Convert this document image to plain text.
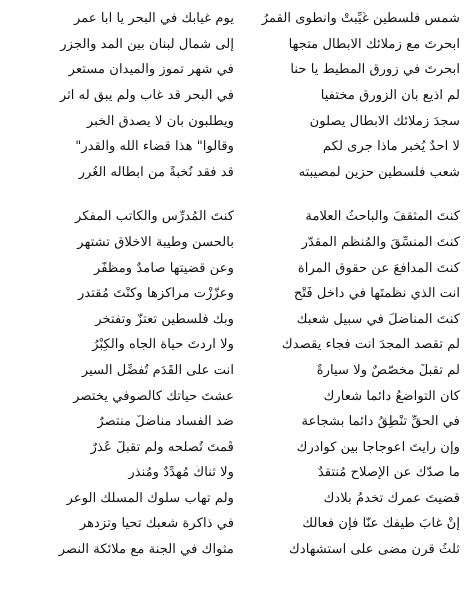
شمس فلسطين غُيِّبتْ وانطوى القمرُ
يوم غيابك في البحر يا أبا عمر
أبحرتَ مع زملائك الابطال متجهاً
إلى شمال لبنان بين المد والجزر
أبحرتَ في زورق المطيط يا حنا
في شهر تموز والميدان مستعر
لَم أذيع بأن الزورق مختفياً
في البحر قد غاب ولم يبق له أثر
سجدَ زملائك الابطال يصلون
ويطلبون بأن لا يصدق الخبر
لا أحدٌ يُخبر ماذا جرى لكُم
وقالوا" هذا قضاء الله والقدر"
شعب فلسطين حزين لمصيبته
قد فقد نُخبةً من أبطاله الغُرر
كنتَ المثقفَ والباحثُ العلامة
كنتَ المُدرِّس والكاتب المفكر
كنتَ المنسِّقَ والمُنظم المقدَّر
بالحسن وطيبة الاخلاق تشتهر
كنتَ المدافعَ عن حقوق المرأة
وعن قضيتها صامدٌ ومظفّر
أنت الذي نظّمتَها في داخل فَتْح
وعزّزْت مراكزها وكُنْتَ مُقتدر
كنتَ المناضلَ في سبيل شعبك
وبك فلسطين تعتزُّ وتفتخر
لم تقصد المجدَ أنت فجاء يقصدك
ولا أردتَ حياة الجاه والكِبْرُ
لم تقبلْ مخصّصٌ ولا سيارةٌ
أنت على القَدَم تُفضِّل السير
كان التواضعُ دائماً شعارك
عشتَ حياتك كالصوفي يختصر
في الحقِّ تنْطِقُ دائماً بشجاعة
ضد الفساد مناضلٌ منتصرٌ
وإن رأيتَ اعوجاجاً بين كوادرك
قُمتَ تُصلحه ولم تقبلْ عُذرٌ
ما صدّكَ عن الإصلاح مُنتقدٌ
ولا ثناكَ مُهدِّدٌ ومُنذر
قضيتَ عمرك تخدمُ بلادك
ولم تهاب سلوك المسلك الوعر
إنْ غابَ طيفكَ عنّا فإن فعالكَ
في ذاكرة شعبك تحيا وتزدهر
ثلثُ قرنٍ مضى على استشهادك
مثواك في الجنة مع ملائكة النصر
